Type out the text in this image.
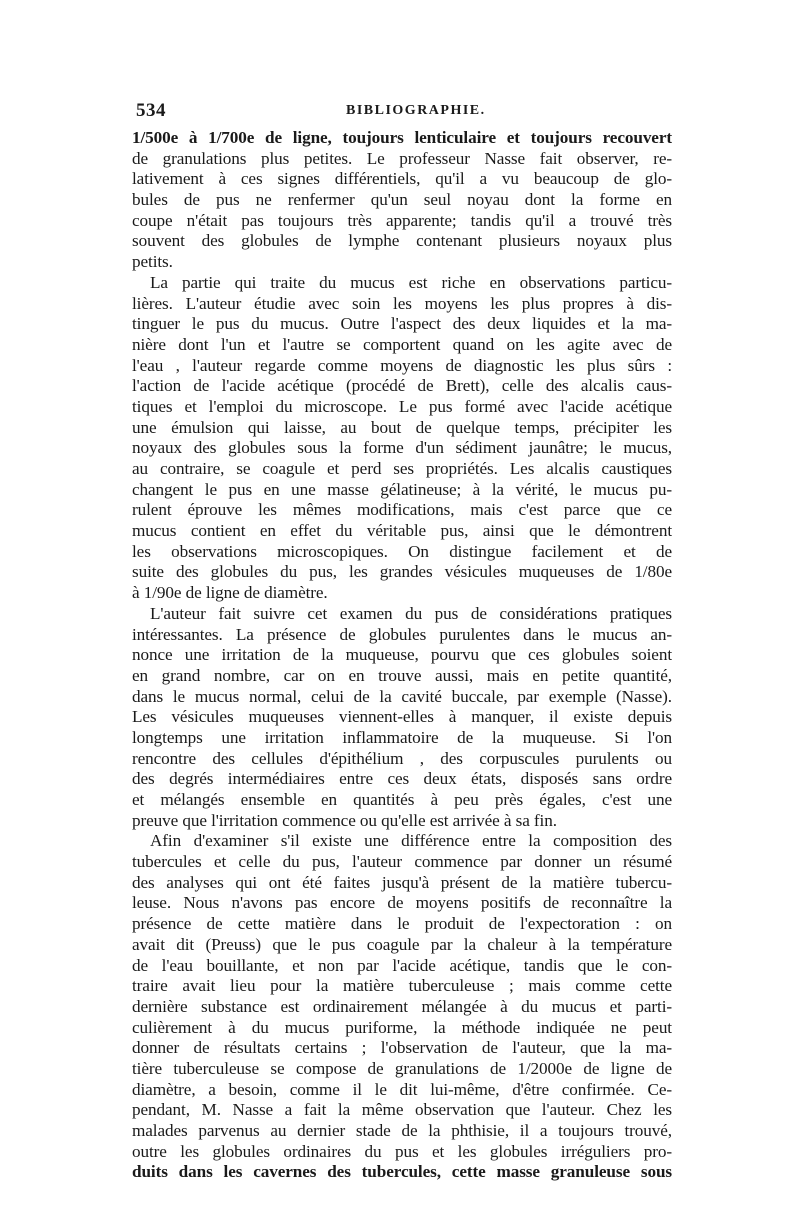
534	BIBLIOGRAPHIE.
1/500e à 1/700e de ligne, toujours lenticulaire et toujours recouvert
de granulations plus petites. Le professeur Nasse fait observer, re-
lativement à ces signes différentiels, qu'il a vu beaucoup de glo-
bules de pus ne renfermer qu'un seul noyau dont la forme en
coupe n'était pas toujours très apparente; tandis qu'il a trouvé très
souvent des globules de lymphe contenant plusieurs noyaux plus
petits.
La partie qui traite du mucus est riche en observations particu-
lières. L'auteur étudie avec soin les moyens les plus propres à dis-
tinguer le pus du mucus. Outre l'aspect des deux liquides et la ma-
nière dont l'un et l'autre se comportent quand on les agite avec de
l'eau , l'auteur regarde comme moyens de diagnostic les plus sûrs :
l'action de l'acide acétique (procédé de Brett), celle des alcalis caus-
tiques et l'emploi du microscope. Le pus formé avec l'acide acétique
une émulsion qui laisse, au bout de quelque temps, précipiter les
noyaux des globules sous la forme d'un sédiment jaunâtre; le mucus,
au contraire, se coagule et perd ses propriétés. Les alcalis caustiques
changent le pus en une masse gélatineuse; à la vérité, le mucus pu-
rulent éprouve les mêmes modifications, mais c'est parce que ce
mucus contient en effet du véritable pus, ainsi que le démontrent
les observations microscopiques. On distingue facilement et de
suite des globules du pus, les grandes vésicules muqueuses de 1/80e
à 1/90e de ligne de diamètre.
L'auteur fait suivre cet examen du pus de considérations pratiques
intéressantes. La présence de globules purulentes dans le mucus an-
nonce une irritation de la muqueuse, pourvu que ces globules soient
en grand nombre, car on en trouve aussi, mais en petite quantité,
dans le mucus normal, celui de la cavité buccale, par exemple (Nasse).
Les vésicules muqueuses viennent-elles à manquer, il existe depuis
longtemps une irritation inflammatoire de la muqueuse. Si l'on
rencontre des cellules d'épithélium , des corpuscules purulents ou
des degrés intermédiaires entre ces deux états, disposés sans ordre
et mélangés ensemble en quantités à peu près égales, c'est une
preuve que l'irritation commence ou qu'elle est arrivée à sa fin.
Afin d'examiner s'il existe une différence entre la composition des
tubercules et celle du pus, l'auteur commence par donner un résumé
des analyses qui ont été faites jusqu'à présent de la matière tubercu-
leuse. Nous n'avons pas encore de moyens positifs de reconnaître la
présence de cette matière dans le produit de l'expectoration : on
avait dit (Preuss) que le pus coagule par la chaleur à la température
de l'eau bouillante, et non par l'acide acétique, tandis que le con-
traire avait lieu pour la matière tuberculeuse ; mais comme cette
dernière substance est ordinairement mélangée à du mucus et parti-
culièrement à du mucus puriforme, la méthode indiquée ne peut
donner de résultats certains ; l'observation de l'auteur, que la ma-
tière tuberculeuse se compose de granulations de 1/2000e de ligne de
diamètre, a besoin, comme il le dit lui-même, d'être confirmée. Ce-
pendant, M. Nasse a fait la même observation que l'auteur. Chez les
malades parvenus au dernier stade de la phthisie, il a toujours trouvé,
outre les globules ordinaires du pus et les globules irréguliers pro-
duits dans les cavernes des tubercules, cette masse granuleuse sous
